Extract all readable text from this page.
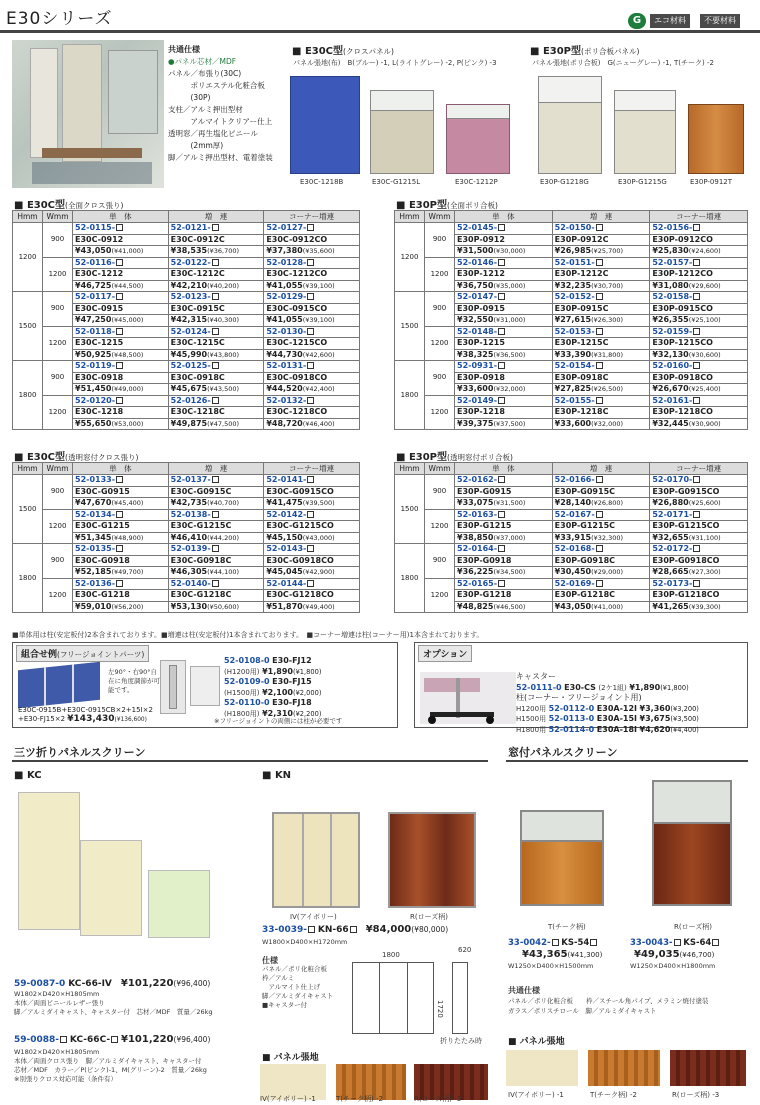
E30シリーズ	G	エコ材料	不要材料
共通仕様
●パネル芯材／MDF
パネル／布張り(30C)
　　　ポリエステル化粧合板
　　　(30P)
支柱／アルミ押出型材
　　　アルマイトクリアー仕上
透明窓／再生塩化ビニール
　　　(2mm厚)
脚／アルミ押出型材、電着塗装
■ E30C型(クロスパネル)
パネル張地(布)　 B(ブルー) -1, L(ライトグレー) -2, P(ピンク) -3
E30C-1218B	E30C-G1215L	E30C-1212P
■ E30P型(ポリ合板パネル)
パネル張地(ポリ合板)　 G(ニューグレー) -1, T(チーク) -2
E30P-G1218G	E30P-G1215G	E30P-0912T
■ E30C型(全面クロス張り)	■ E30P型(全面ポリ合板)
■ E30C型(透明窓付クロス張り)	■ E30P型(透明窓付ポリ合板)
Hmm	Wmm	単　体	増　連	コーナー増連
1200	900	52-0115-	52-0121-	52-0127-
		E30C-0912	E30C-0912C	E30C-0912CO
		¥43,050(¥41,000)	¥38,535(¥36,700)	¥37,380(¥35,600)
	1200	52-0116-	52-0122-	52-0128-
		E30C-1212	E30C-1212C	E30C-1212CO
		¥46,725(¥44,500)	¥42,210(¥40,200)	¥41,055(¥39,100)
1500	900	52-0117-	52-0123-	52-0129-
		E30C-0915	E30C-0915C	E30C-0915CO
		¥47,250(¥45,000)	¥42,315(¥40,300)	¥41,055(¥39,100)
	1200	52-0118-	52-0124-	52-0130-
		E30C-1215	E30C-1215C	E30C-1215CO
		¥50,925(¥48,500)	¥45,990(¥43,800)	¥44,730(¥42,600)
1800	900	52-0119-	52-0125-	52-0131-
		E30C-0918	E30C-0918C	E30C-0918CO
		¥51,450(¥49,000)	¥45,675(¥43,500)	¥44,520(¥42,400)
	1200	52-0120-	52-0126-	52-0132-
		E30C-1218	E30C-1218C	E30C-1218CO
		¥55,650(¥53,000)	¥49,875(¥47,500)	¥48,720(¥46,400)
Hmm	Wmm	単　体	増　連	コーナー増連
1200	900	52-0145-	52-0150-	52-0156-
		E30P-0912	E30P-0912C	E30P-0912CO
		¥31,500(¥30,000)	¥26,985(¥25,700)	¥25,830(¥24,600)
	1200	52-0146-	52-0151-	52-0157-
		E30P-1212	E30P-1212C	E30P-1212CO
		¥36,750(¥35,000)	¥32,235(¥30,700)	¥31,080(¥29,600)
1500	900	52-0147-	52-0152-	52-0158-
		E30P-0915	E30P-0915C	E30P-0915CO
		¥32,550(¥31,000)	¥27,615(¥26,300)	¥26,355(¥25,100)
	1200	52-0148-	52-0153-	52-0159-
		E30P-1215	E30P-1215C	E30P-1215CO
		¥38,325(¥36,500)	¥33,390(¥31,800)	¥32,130(¥30,600)
1800	900	52-0931-	52-0154-	52-0160-
		E30P-0918	E30P-0918C	E30P-0918CO
		¥33,600(¥32,000)	¥27,825(¥26,500)	¥26,670(¥25,400)
	1200	52-0149-	52-0155-	52-0161-
		E30P-1218	E30P-1218C	E30P-1218CO
		¥39,375(¥37,500)	¥33,600(¥32,000)	¥32,445(¥30,900)
Hmm	Wmm	単　体	増　連	コーナー増連
1500	900	52-0133-	52-0137-	52-0141-
		E30C-G0915	E30C-G0915C	E30C-G0915CO
		¥47,670(¥45,400)	¥42,735(¥40,700)	¥41,475(¥39,500)
	1200	52-0134-	52-0138-	52-0142-
		E30C-G1215	E30C-G1215C	E30C-G1215CO
		¥51,345(¥48,900)	¥46,410(¥44,200)	¥45,150(¥43,000)
1800	900	52-0135-	52-0139-	52-0143-
		E30C-G0918	E30C-G0918C	E30C-G0918CO
		¥52,185(¥49,700)	¥46,305(¥44,100)	¥45,045(¥42,900)
	1200	52-0136-	52-0140-	52-0144-
		E30C-G1218	E30C-G1218C	E30C-G1218CO
		¥59,010(¥56,200)	¥53,130(¥50,600)	¥51,870(¥49,400)
Hmm	Wmm	単　体	増　連	コーナー増連
1500	900	52-0162-	52-0166-	52-0170-
		E30P-G0915	E30P-G0915C	E30P-G0915CO
		¥33,075(¥31,500)	¥28,140(¥26,800)	¥26,880(¥25,600)
	1200	52-0163-	52-0167-	52-0171-
		E30P-G1215	E30P-G1215C	E30P-G1215CO
		¥38,850(¥37,000)	¥33,915(¥32,300)	¥32,655(¥31,100)
1800	900	52-0164-	52-0168-	52-0172-
		E30P-G0918	E30P-G0918C	E30P-G0918CO
		¥36,225(¥34,500)	¥30,450(¥29,000)	¥28,665(¥27,300)
	1200	52-0165-	52-0169-	52-0173-
		E30P-G1218	E30P-G1218C	E30P-G1218CO
		¥48,825(¥46,500)	¥43,050(¥41,000)	¥41,265(¥39,300)
■単体用は柱(安定板付)2本含まれております。■増連は柱(安定板付)1本含まれております。　 ■コーナー増連は柱(コーナー用)1本含まれております。
組合せ例(フリージョイントパーツ)
左90°・右90°自在に角度調節が可能です。
52-0108-0 E30-FJ12
(H1200用) ¥1,890(¥1,800)
52-0109-0 E30-FJ15
(H1500用) ¥2,100(¥2,000)
52-0110-0 E30-FJ18
(H1800用) ¥2,310(¥2,200)
E30C-0915B+E30C-0915CB×2+15I×2
+E30-FJ15×2 ¥143,430(¥136,600)	※フリージョイントの両側には柱が必要です
オプション
キャスター
52-0111-0 E30-CS (2ケ1組) ¥1,890(¥1,800)
柱(コーナー・フリージョイント用)
H1200用 52-0112-0 E30A-12I ¥3,360(¥3,200)
H1500用 52-0113-0 E30A-15I ¥3,675(¥3,500)
H1800用 52-0114-0 E30A-18I ¥4,620(¥4,400)
三ツ折りパネルスクリーン
■ KC	■ KN
59-0087-0 KC-66-IV　 ¥101,220(¥96,400)
W1802×D420×H1805mm
本体／両面ビニールレザー張り
脚／アルミダイキャスト、キャスター付　芯材／MDF　質量／26kg
59-0088- KC-66C- ¥101,220(¥96,400)
W1802×D420×H1805mm
本体／両面クロス張り　脚／アルミダイキャスト、キャスター付
芯材／MDF　カラー／P(ピンク)-1、M(グリーン)-2　質量／26kg
※別張りクロス対応可能（条件有）
IV(アイボリー)	R(ローズ柄)
33-0039- KN-66　 ¥84,000(¥80,000)
W1800×D400×H1720mm
仕様
パネル／ポリ化粧合板
枠／アルミ
　アルマイト仕上げ
脚／アルミダイキャスト
■キャスター付
1800
620
1720
折りたたみ時
■ パネル張地
IV(アイボリー) -1	T(チーク柄) -2	R(ローズ柄) -3
窓付パネルスクリーン
T(チーク柄)	R(ローズ柄)
33-0042- KS-54
¥43,365(¥41,300)
W1250×D400×H1500mm
33-0043- KS-64
¥49,035(¥46,700)
W1250×D400×H1800mm
共通仕様
パネル／ポリ化粧合板　　枠／スチール角パイプ、メラミン焼付塗装
ガラス／ポリスチロール　脚／アルミダイキャスト
■ パネル張地
IV(アイボリー) -1	T(チーク柄) -2	R(ローズ柄) -3
